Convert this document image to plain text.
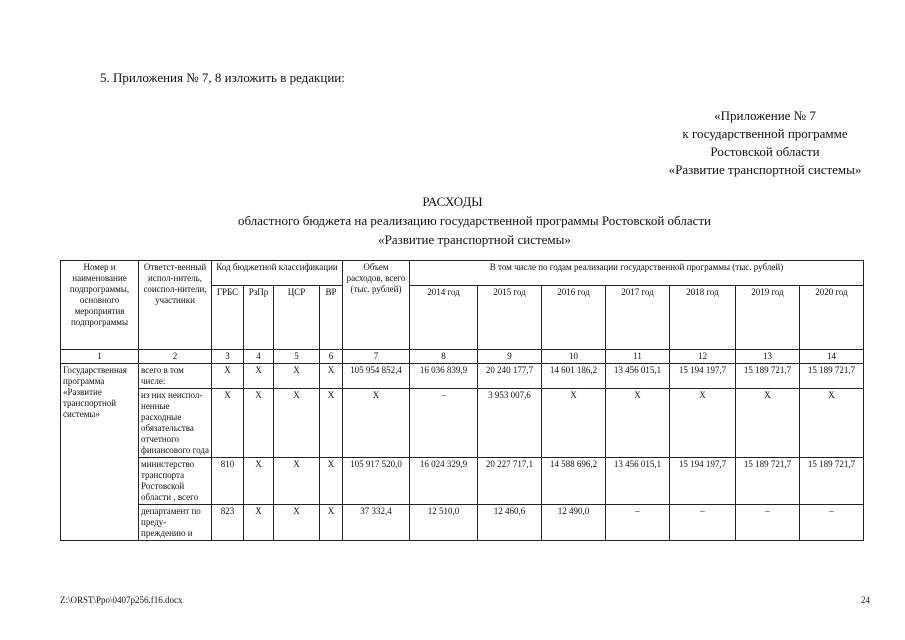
5. Приложения № 7, 8 изложить в редакции:
«Приложение № 7
к государственной программе
Ростовской области
«Развитие транспортной системы»
РАСХОДЫ
областного бюджета на реализацию государственной программы Ростовской области
«Развитие транспортной системы»
Номер и наименование подпрограммы, основного мероприятия подпрограммы	Ответст-венный испол-нитель, соиспол-нители, участники	Код бюджетной классификации				Объем расходов, всего (тыс. рублей)	В том числе по годам реализации государственной программы (тыс. рублей)						
		ГРБС	РзПр	ЦСР	ВР		2014 год	2015 год	2016 год	2017 год	2018 год	2019 год	2020 год
1	2	3	4	5	6	7	8	9	10	11	12	13	14
Государственная программа «Развитие транспортной системы»	всего в том числе:	Х	Х	Х	Х	105 954 852,4	16 036 839,9	20 240 177,7	14 601 186,2	13 456 015,1	15 194 197,7	15 189 721,7	15 189 721,7
	из них неиспол-ненные расходные обязательства отчетного финансового года	Х	Х	Х	Х	Х	–	3 953 007,6	Х	Х	Х	Х	Х
	министерство транспорта Ростовской области , всего	810	Х	Х	Х	105 917 520,0	16 024 329,9	20 227 717,1	14 588 696,2	13 456 015,1	15 194 197,7	15 189 721,7	15 189 721,7
	департамент по преду-преждению и	823	Х	Х	Х	37 332,4	12 510,0	12 460,6	12 490,0	–	–	–	–
Z:\ORST\Ppo\0407p256.f16.docx	24
